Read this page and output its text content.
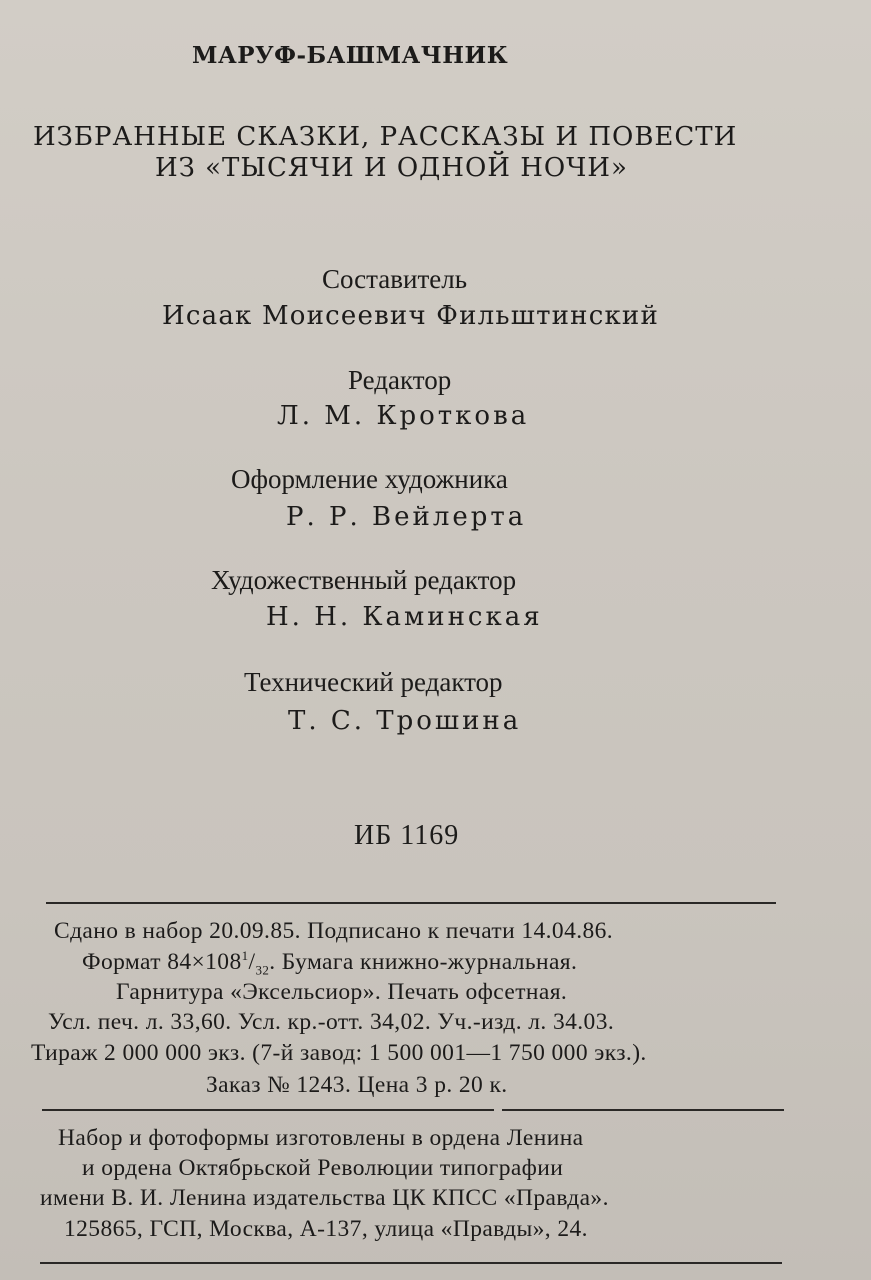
МАРУФ-БАШМАЧНИК
ИЗБРАННЫЕ СКАЗКИ, РАССКАЗЫ И ПОВЕСТИ
ИЗ «ТЫСЯЧИ И ОДНОЙ НОЧИ»
Составитель
Исаак Моисеевич Фильштинский
Редактор
Л. М. Кроткова
Оформление художника
Р. Р. Вейлерта
Художественный редактор
Н. Н. Каминская
Технический редактор
Т. С. Трошина
ИБ 1169
Сдано в набор 20.09.85. Подписано к печати 14.04.86.
Формат $84\times 108^1/_{32}$. Бумага книжно-журнальная.
Гарнитура «Эксельсиор». Печать офсетная.
Усл. печ. л. 33,60. Усл. кр.-отт. 34,02. Уч.-изд. л. 34.03.
Тираж 2 000 000 экз. (7-й завод: 1 500 001—1 750 000 экз.).
Заказ № 1243. Цена 3 р. 20 к.
Набор и фотоформы изготовлены в ордена Ленина
и ордена Октябрьской Революции типографии
имени В. И. Ленина издательства ЦК КПСС «Правда».
125865, ГСП, Москва, А-137, улица «Правды», 24.
